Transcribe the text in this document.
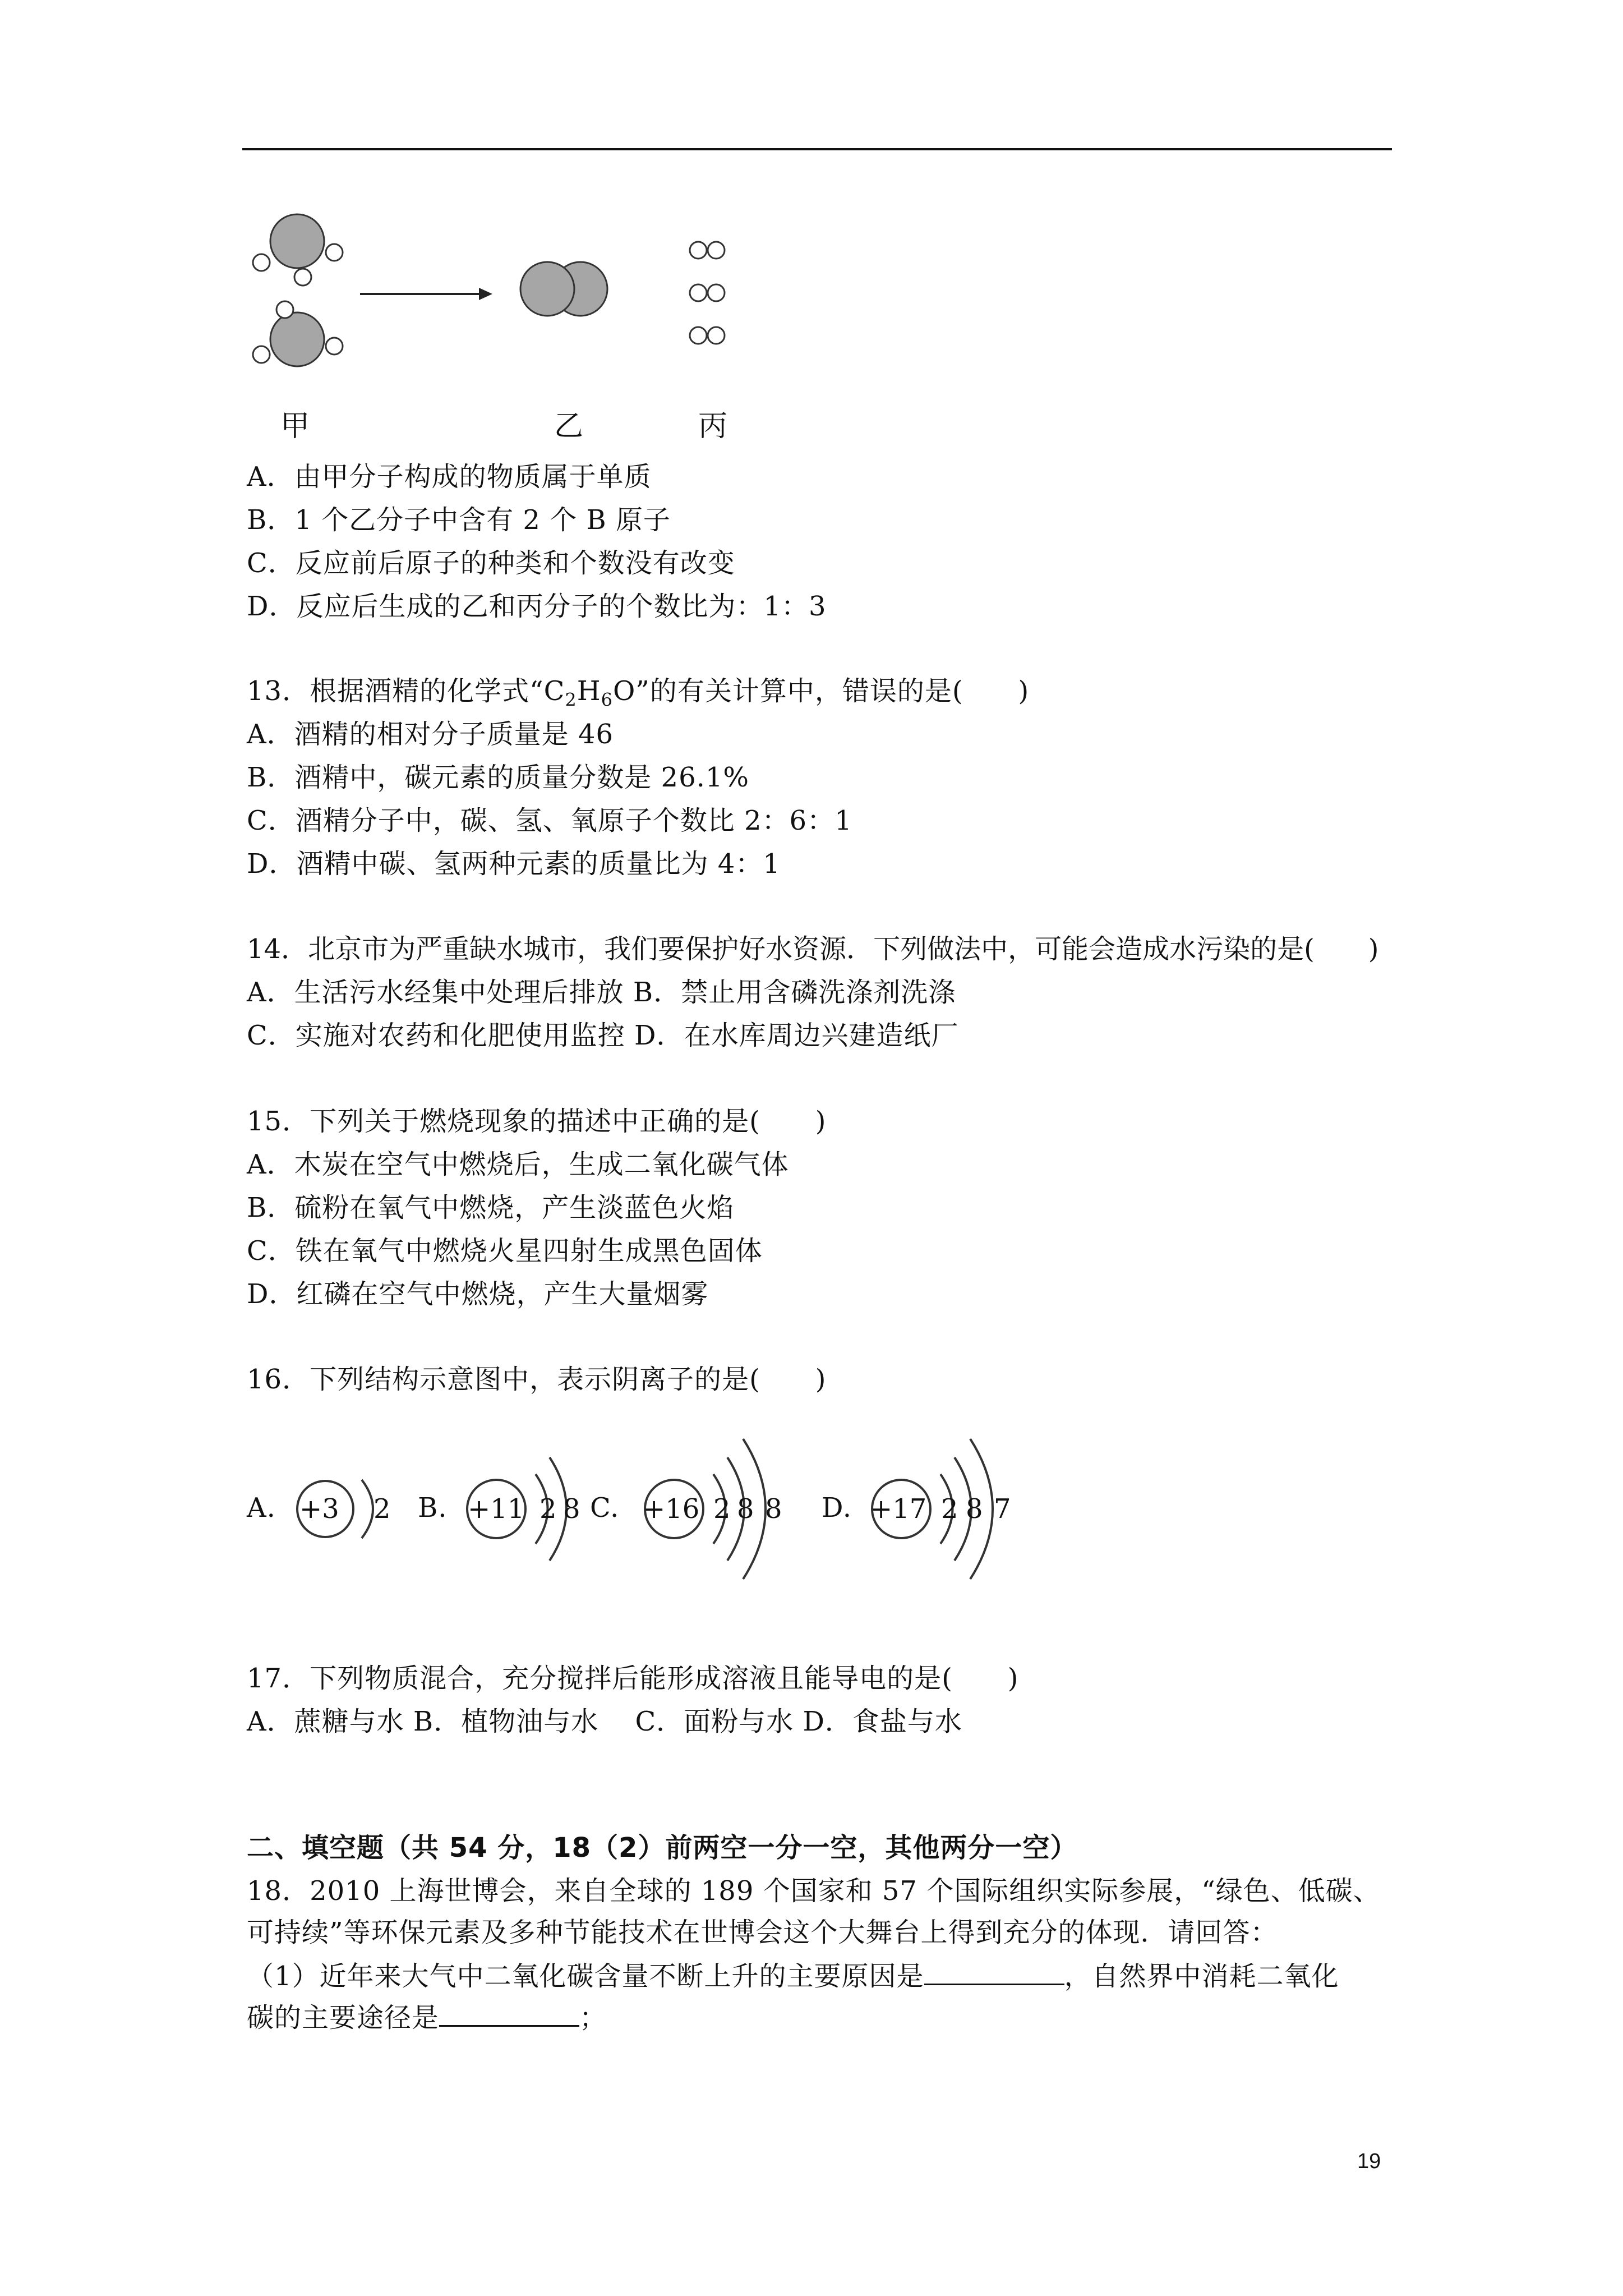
甲	乙	丙
A．由甲分子构成的物质属于单质
B．1 个乙分子中含有 2 个 B 原子
C．反应前后原子的种类和个数没有改变
D．反应后生成的乙和丙分子的个数比为：1：3
13．根据酒精的化学式“$C_2H_6O$”的有关计算中，错误的是(　　)
A．酒精的相对分子质量是 46
B．酒精中，碳元素的质量分数是 26.1%
C．酒精分子中，碳、氢、氧原子个数比 2：6：1
D．酒精中碳、氢两种元素的质量比为 4：1
14．北京市为严重缺水城市，我们要保护好水资源．下列做法中，可能会造成水污染的是(　　)
A．生活污水经集中处理后排放 B．禁止用含磷洗涤剂洗涤
C．实施对农药和化肥使用监控 D．在水库周边兴建造纸厂
15．下列关于燃烧现象的描述中正确的是(　　)
A．木炭在空气中燃烧后，生成二氧化碳气体
B．硫粉在氧气中燃烧，产生淡蓝色火焰
C．铁在氧气中燃烧火星四射生成黑色固体
D．红磷在空气中燃烧，产生大量烟雾
16．下列结构示意图中，表示阴离子的是(　　)
A.	B.	C.	D.
+3 2	+11 2 8 +16 2 8 8	+17 2 8 7
17．下列物质混合，充分搅拌后能形成溶液且能导电的是(　　)
A．蔗糖与水 B．植物油与水　 C．面粉与水 D．食盐与水
二、填空题（共 54 分，18（2）前两空一分一空，其他两分一空）
18．2010 上海世博会，来自全球的 189 个国家和 57 个国际组织实际参展，“绿色、低碳、
可持续”等环保元素及多种节能技术在世博会这个大舞台上得到充分的体现．请回答：
（1）近年来大气中二氧化碳含量不断上升的主要原因是	，自然界中消耗二氧化
碳的主要途径是	；
19
